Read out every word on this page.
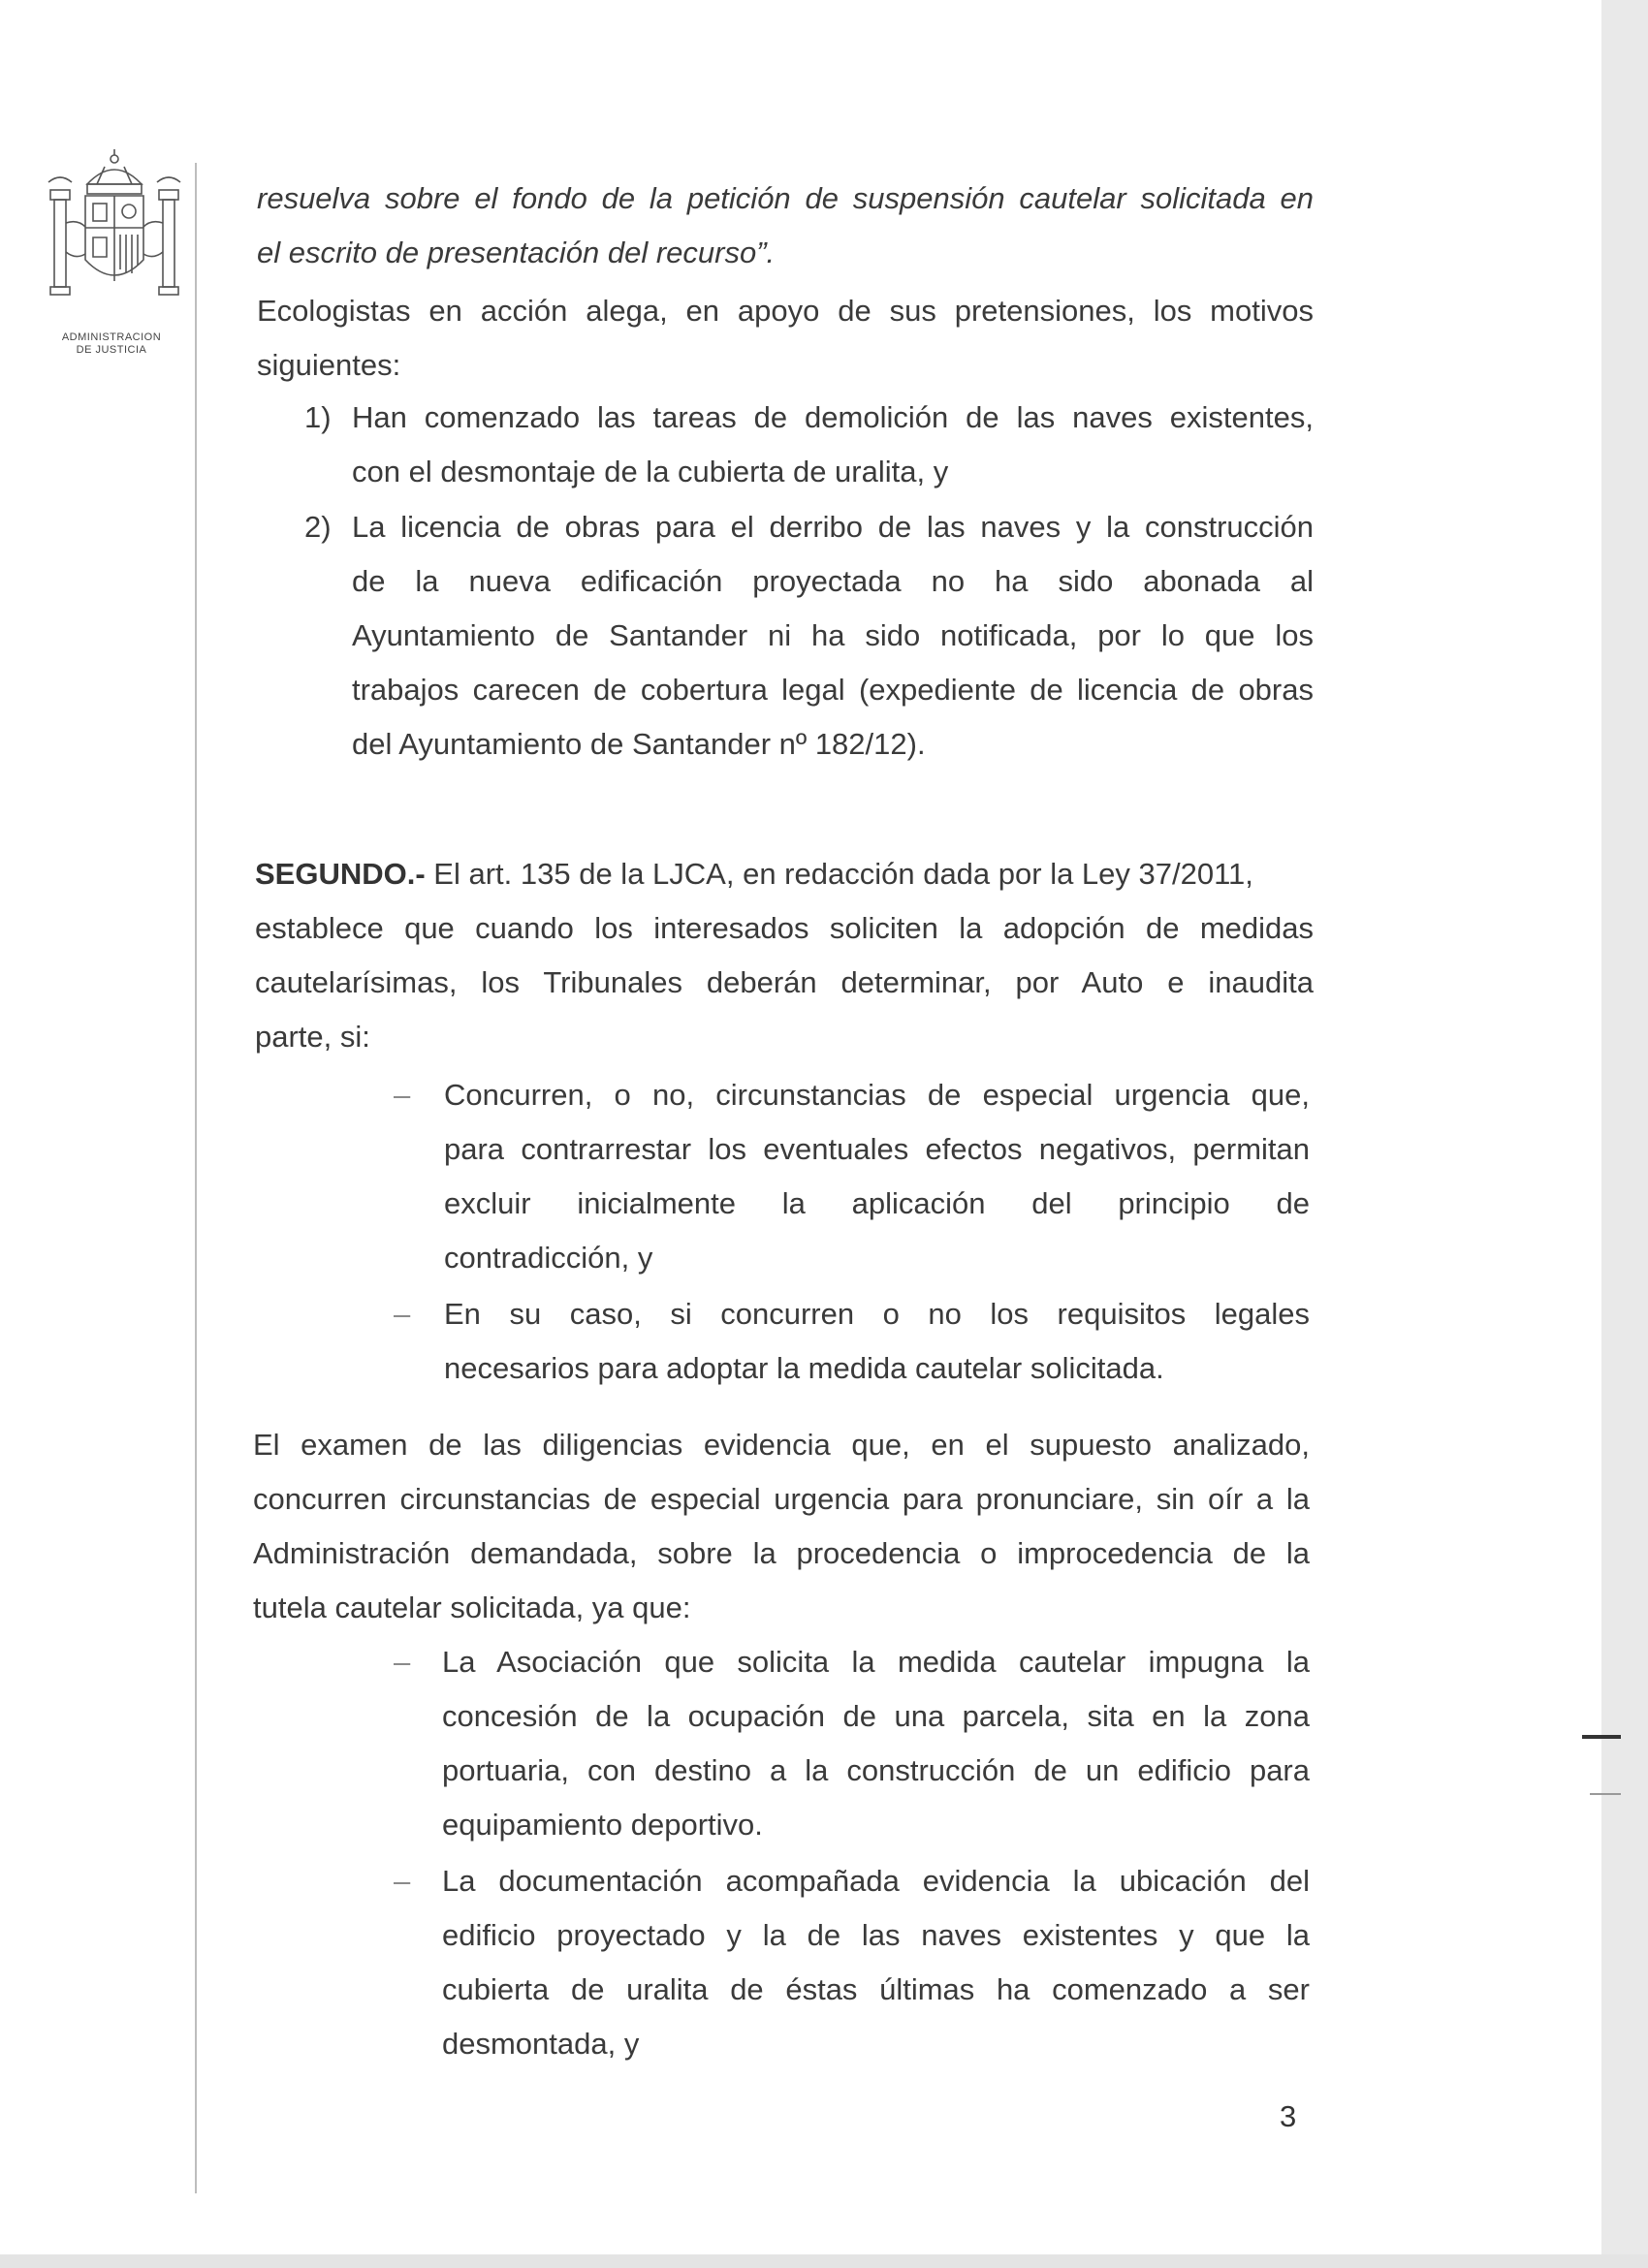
ADMINISTRACION
DE JUSTICIA
resuelva sobre el fondo de la petición de suspensión cautelar solicitada en
el escrito de presentación del recurso”.
Ecologistas en acción alega, en apoyo de sus pretensiones, los motivos
siguientes:
1) Han comenzado las tareas de demolición de las naves existentes,
con el desmontaje de la cubierta de uralita, y
2) La licencia de obras para el derribo de las naves y la construcción
de la nueva edificación proyectada no ha sido abonada al
Ayuntamiento de Santander ni ha sido notificada, por lo que los
trabajos carecen de cobertura legal (expediente de licencia de obras
del Ayuntamiento de Santander nº 182/12).
SEGUNDO.- El art. 135 de la LJCA, en redacción dada por la Ley 37/2011,
establece que cuando los interesados soliciten la adopción de medidas
cautelarísimas, los Tribunales deberán determinar, por Auto e inaudita
parte, si:
– Concurren, o no, circunstancias de especial urgencia que,
para contrarrestar los eventuales efectos negativos, permitan
excluir inicialmente la aplicación del principio de
contradicción, y
– En su caso, si concurren o no los requisitos legales
necesarios para adoptar la medida cautelar solicitada.
El examen de las diligencias evidencia que, en el supuesto analizado,
concurren circunstancias de especial urgencia para pronunciare, sin oír a la
Administración demandada, sobre la procedencia o improcedencia de la
tutela cautelar solicitada, ya que:
– La Asociación que solicita la medida cautelar impugna la
concesión de la ocupación de una parcela, sita en la zona
portuaria, con destino a la construcción de un edificio para
equipamiento deportivo.
– La documentación acompañada evidencia la ubicación del
edificio proyectado y la de las naves existentes y que la
cubierta de uralita de éstas últimas ha comenzado a ser
desmontada, y
3
